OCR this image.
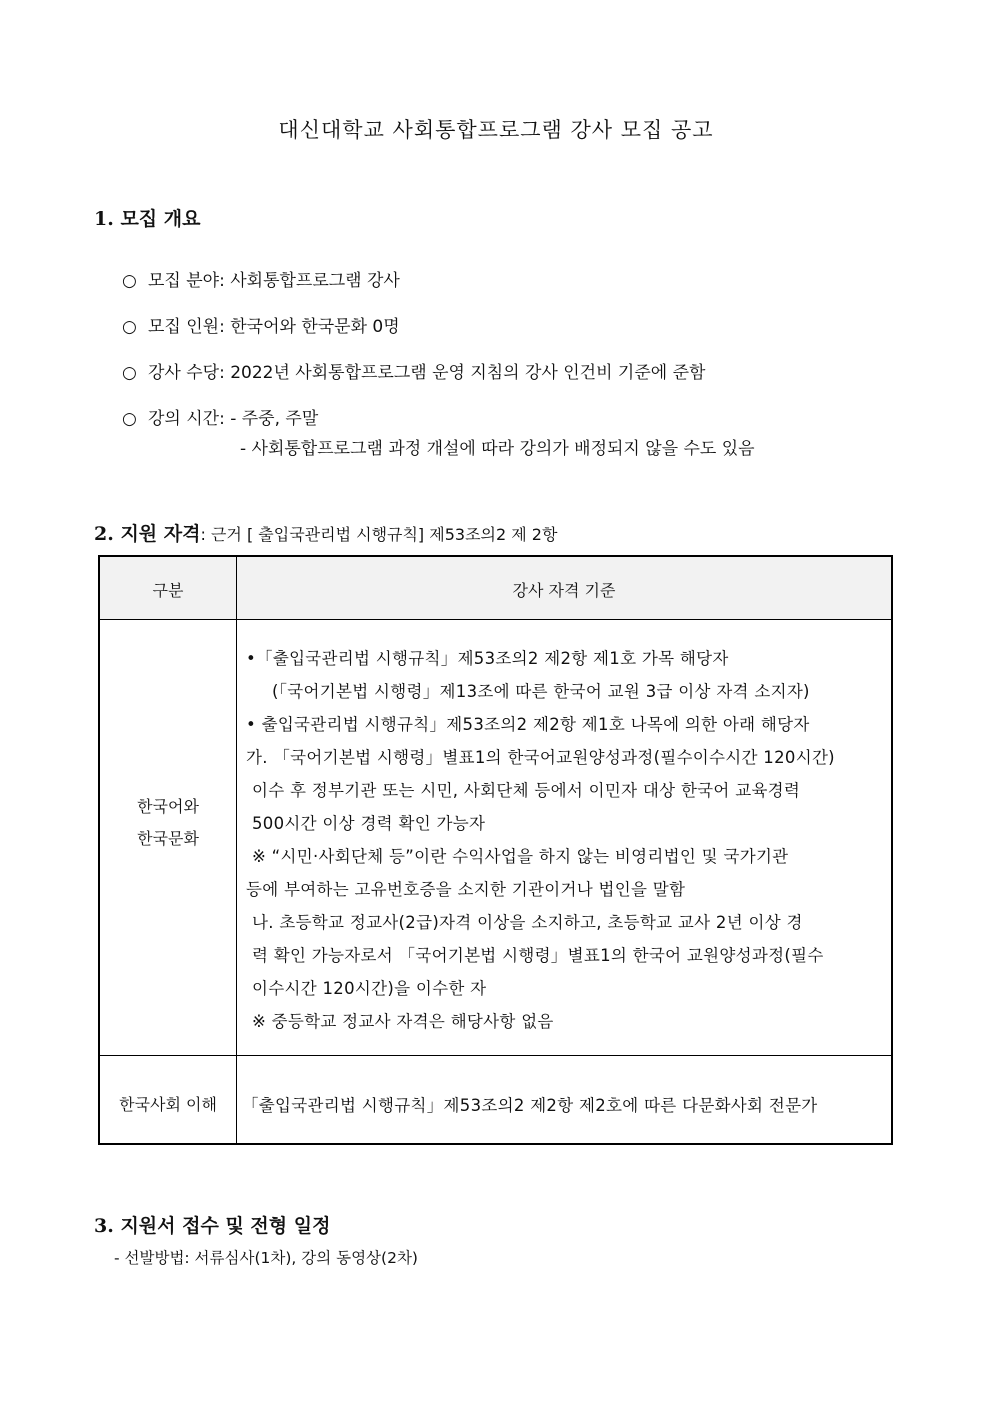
대신대학교 사회통합프로그램 강사 모집 공고
1. 모집 개요
○ 모집 분야: 사회통합프로그램 강사
○ 모집 인원: 한국어와 한국문화 0명
○ 강사 수당: 2022년 사회통합프로그램 운영 지침의 강사 인건비 기준에 준함
○ 강의 시간: - 주중, 주말
- 사회통합프로그램 과정 개설에 따라 강의가 배정되지 않을 수도 있음
2. 지원 자격: 근거 [ 출입국관리법 시행규칙] 제53조의2 제 2항
구분	강사 자격 기준
한국어와
한국문화
•「출입국관리법 시행규칙」제53조의2 제2항 제1호 가목 해당자
(「국어기본법 시행령」제13조에 따른 한국어 교원 3급 이상 자격 소지자)
• 출입국관리법 시행규칙」제53조의2 제2항 제1호 나목에 의한 아래 해당자
가. 「국어기본법 시행령」별표1의 한국어교원양성과정(필수이수시간 120시간)
이수 후 정부기관 또는 시민, 사회단체 등에서 이민자 대상 한국어 교육경력
500시간 이상 경력 확인 가능자
※ “시민·사회단체 등”이란 수익사업을 하지 않는 비영리법인 및 국가기관
등에 부여하는 고유번호증을 소지한 기관이거나 법인을 말함
나. 초등학교 정교사(2급)자격 이상을 소지하고, 초등학교 교사 2년 이상 경
력 확인 가능자로서 「국어기본법 시행령」별표1의 한국어 교원양성과정(필수
이수시간 120시간)을 이수한 자
※ 중등학교 정교사 자격은 해당사항 없음
한국사회 이해	「출입국관리법 시행규칙」제53조의2 제2항 제2호에 따른 다문화사회 전문가
3. 지원서 접수 및 전형 일정
- 선발방법: 서류심사(1차), 강의 동영상(2차)
